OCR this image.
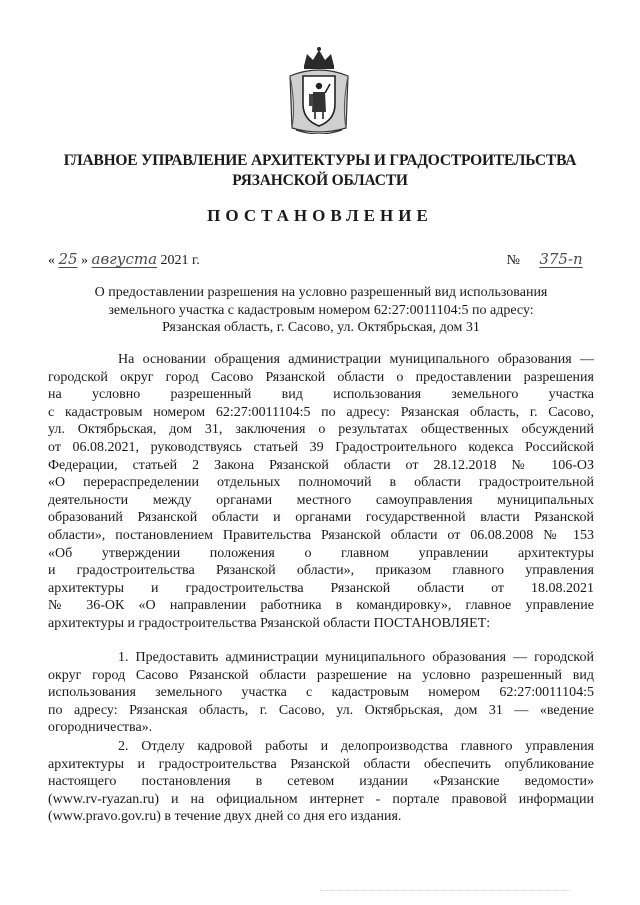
ГЛАВНОЕ УПРАВЛЕНИЕ АРХИТЕКТУРЫ И ГРАДОСТРОИТЕЛЬСТВА
РЯЗАНСКОЙ ОБЛАСТИ
ПОСТАНОВЛЕНИЕ
« 25 » августа 2021 г.	№ 375-п
О предоставлении разрешения на условно разрешенный вид использования
земельного участка с кадастровым номером 62:27:0011104:5 по адресу:
Рязанская область, г. Сасово, ул. Октябрьская, дом 31
На основании обращения администрации муниципального образования —
городской округ город Сасово Рязанской области о предоставлении разрешения
на условно разрешенный вид использования земельного участка
с кадастровым номером 62:27:0011104:5 по адресу: Рязанская область, г. Сасово,
ул. Октябрьская, дом 31, заключения о результатах общественных обсуждений
от 06.08.2021, руководствуясь статьей 39 Градостроительного кодекса Российской
Федерации, статьей 2 Закона Рязанской области от 28.12.2018 № 106-ОЗ
«О перераспределении отдельных полномочий в области градостроительной
деятельности между органами местного самоуправления муниципальных
образований Рязанской области и органами государственной власти Рязанской
области», постановлением Правительства Рязанской области от 06.08.2008 № 153
«Об утверждении положения о главном управлении архитектуры
и градостроительства Рязанской области», приказом главного управления
архитектуры и градостроительства Рязанской области от 18.08.2021
№ 36-ОК «О направлении работника в командировку», главное управление
архитектуры и градостроительства Рязанской области ПОСТАНОВЛЯЕТ:
1. Предоставить администрации муниципального образования — городской
округ город Сасово Рязанской области разрешение на условно разрешенный вид
использования земельного участка с кадастровым номером 62:27:0011104:5
по адресу: Рязанская область, г. Сасово, ул. Октябрьская, дом 31 — «ведение
огородничества».
2. Отделу кадровой работы и делопроизводства главного управления
архитектуры и градостроительства Рязанской области обеспечить опубликование
настоящего постановления в сетевом издании «Рязанские ведомости»
(www.rv-ryazan.ru) и на официальном интернет - портале правовой информации
(www.pravo.gov.ru) в течение двух дней со дня его издания.
